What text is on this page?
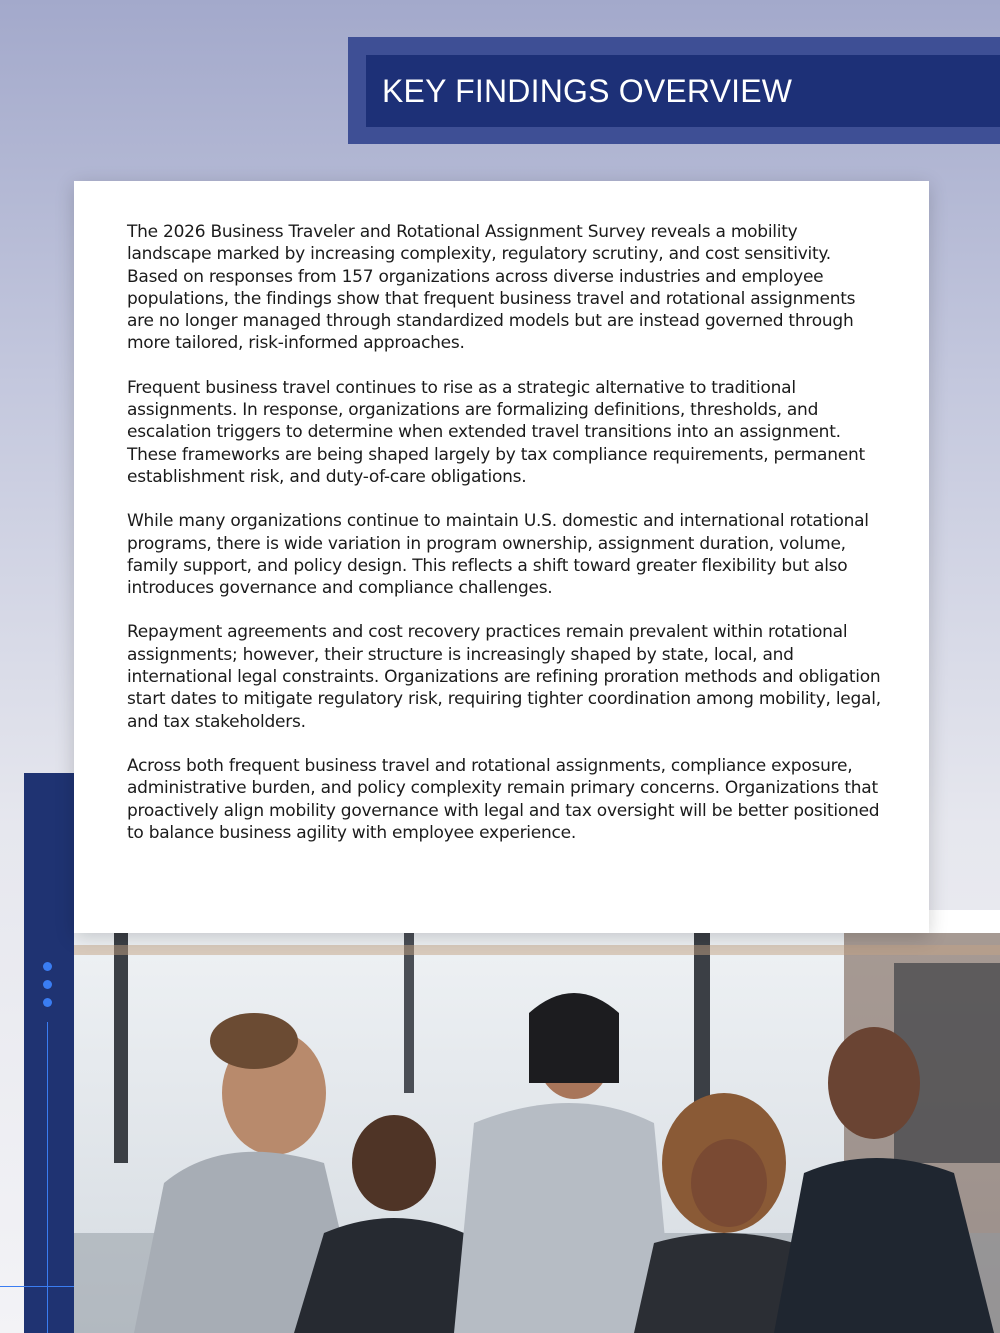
KEY FINDINGS OVERVIEW

The 2026 Business Traveler and Rotational Assignment Survey reveals a mobility landscape marked by increasing complexity, regulatory scrutiny, and cost sensitivity. Based on responses from 157 organizations across diverse industries and employee populations, the findings show that frequent business travel and rotational assignments are no longer managed through standardized models but are instead governed through more tailored, risk-informed approaches.

Frequent business travel continues to rise as a strategic alternative to traditional assignments. In response, organizations are formalizing definitions, thresholds, and escalation triggers to determine when extended travel transitions into an assignment. These frameworks are being shaped largely by tax compliance requirements, permanent establishment risk, and duty-of-care obligations.

While many organizations continue to maintain U.S. domestic and international rotational programs, there is wide variation in program ownership, assignment duration, volume, family support, and policy design. This reflects a shift toward greater flexibility but also introduces governance and compliance challenges.

Repayment agreements and cost recovery practices remain prevalent within rotational assignments; however, their structure is increasingly shaped by state, local, and international legal constraints. Organizations are refining proration methods and obligation start dates to mitigate regulatory risk, requiring tighter coordination among mobility, legal, and tax stakeholders.

Across both frequent business travel and rotational assignments, compliance exposure, administrative burden, and policy complexity remain primary concerns. Organizations that proactively align mobility governance with legal and tax oversight will be better positioned to balance business agility with employee experience.
